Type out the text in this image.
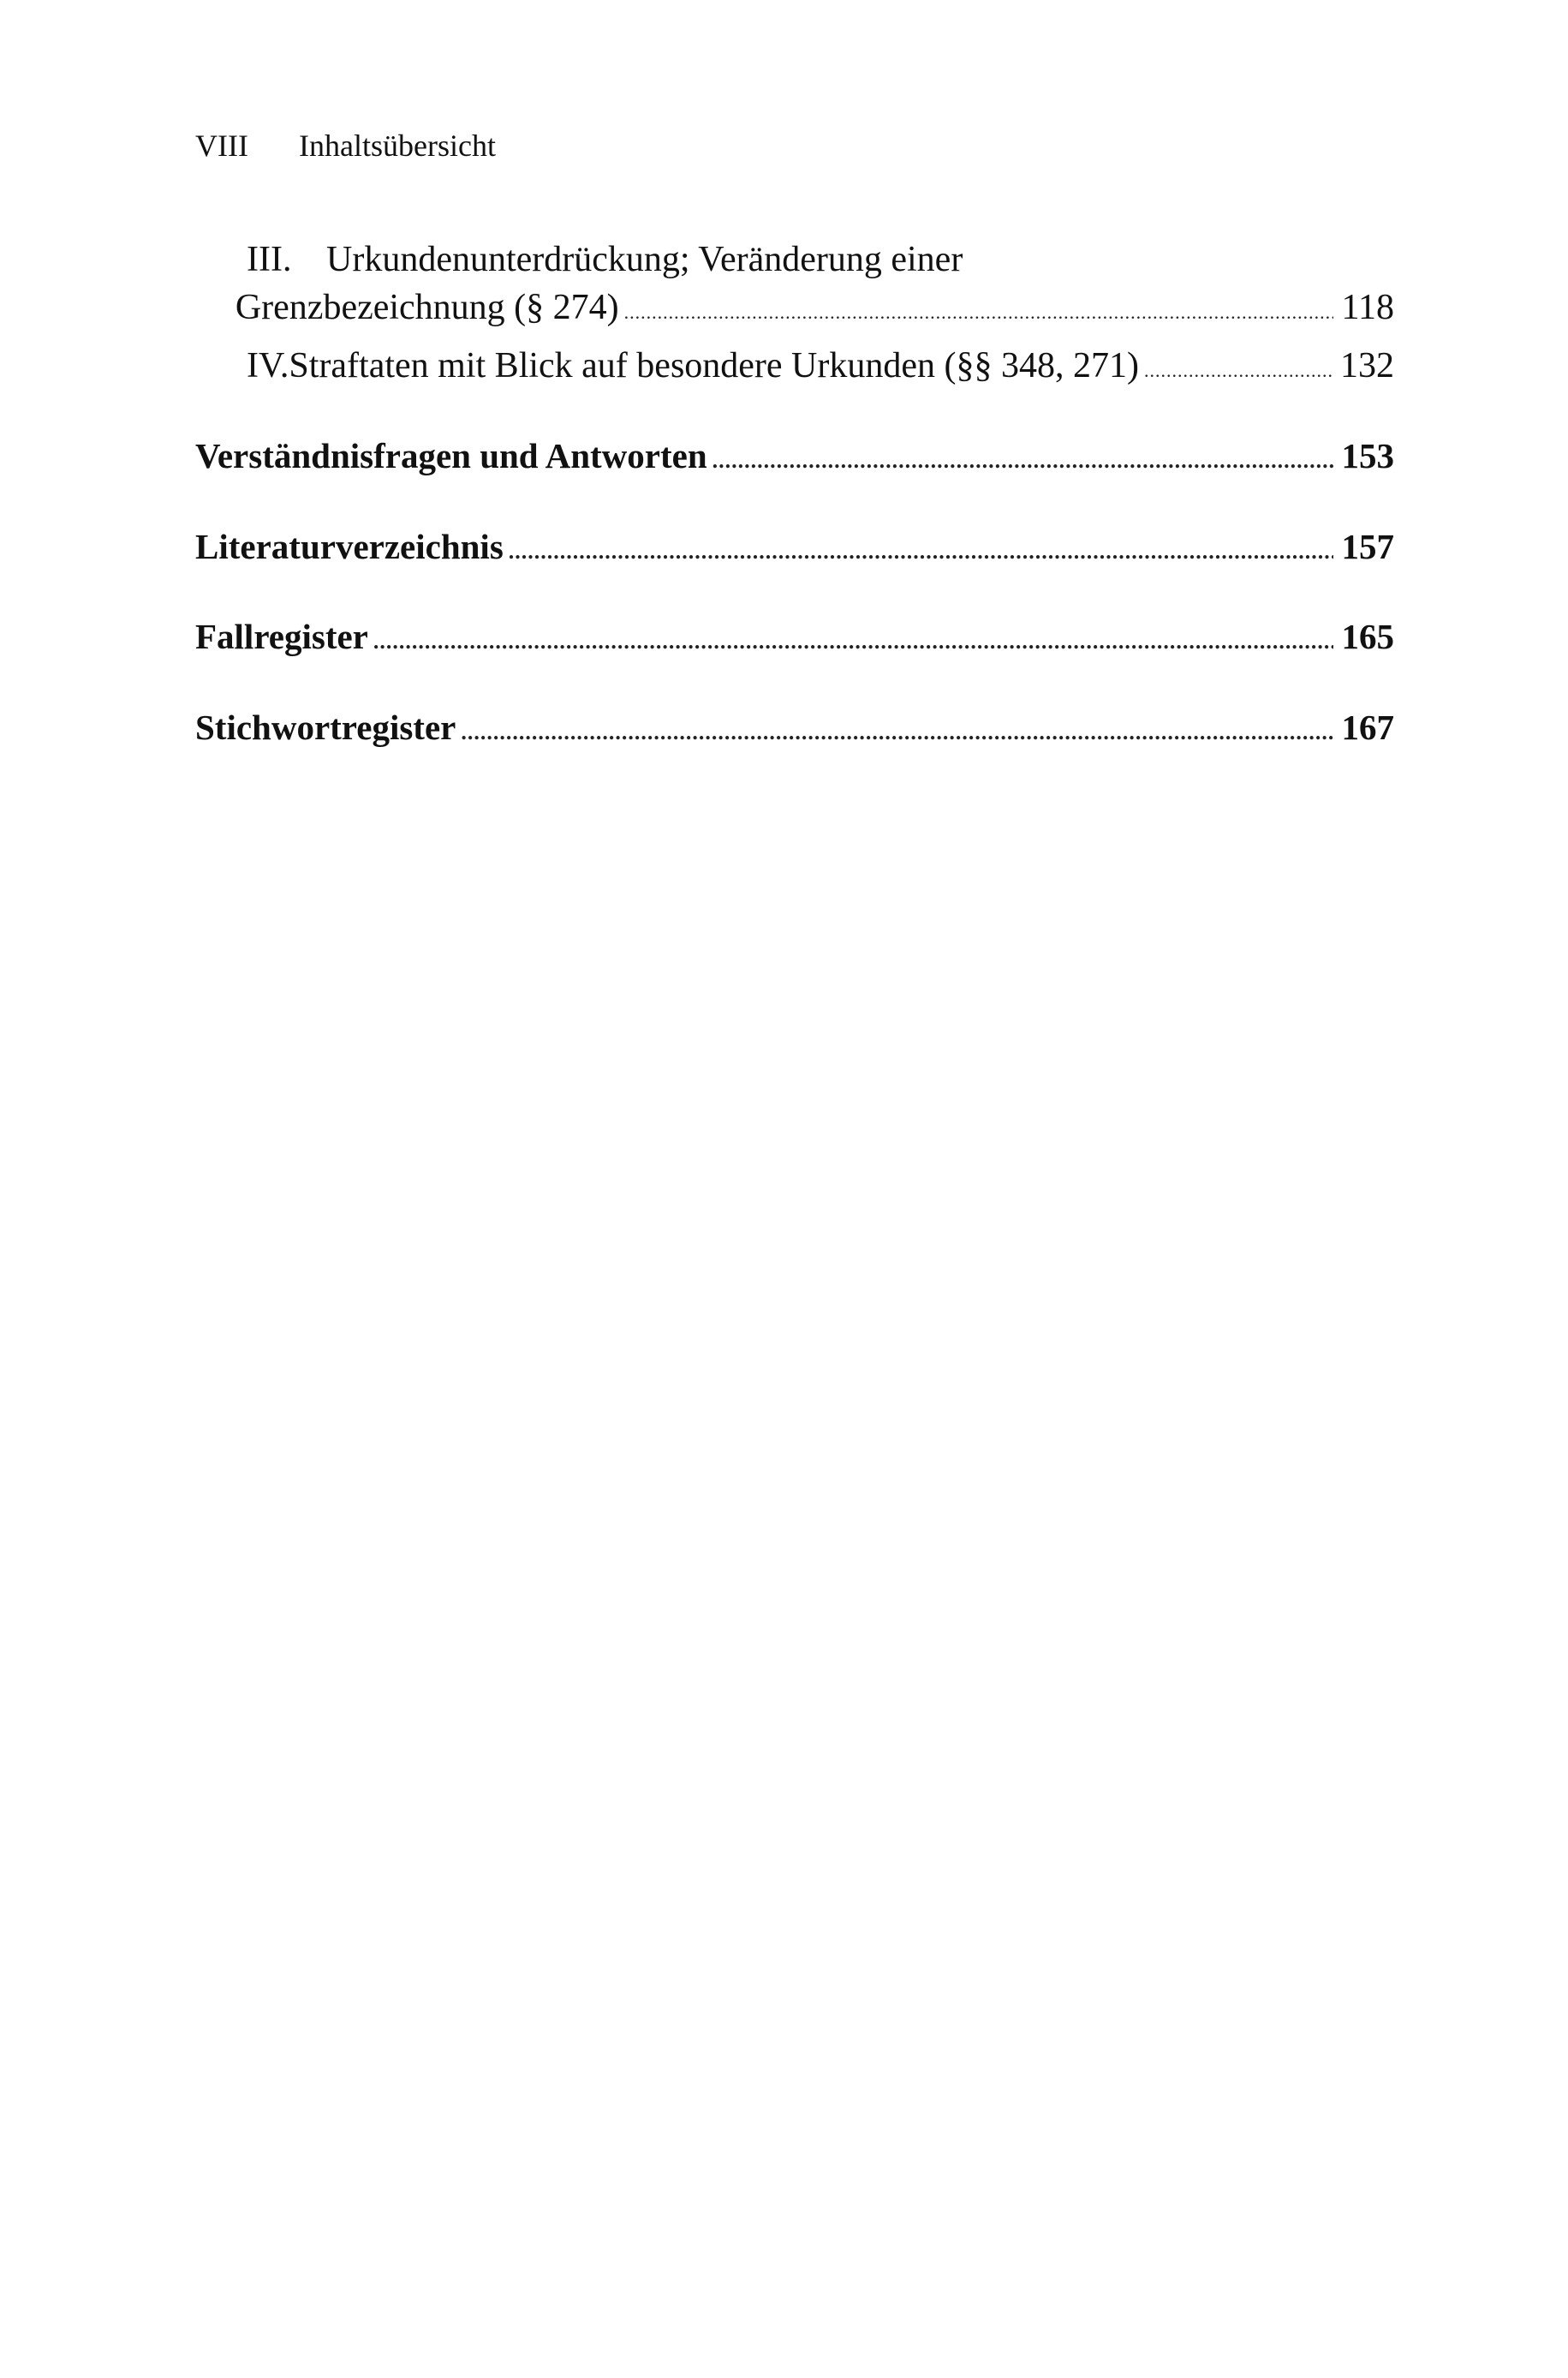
VIII Inhaltsübersicht
III. Urkundenunterdrückung; Veränderung einer
Grenzbezeichnung (§ 274) .....	118
IV. Straftaten mit Blick auf besondere Urkunden (§§ 348, 271) .....	132
Verständnisfragen und Antworten .....	153
Literaturverzeichnis .....	157
Fallregister .....	165
Stichwortregister .....	167
